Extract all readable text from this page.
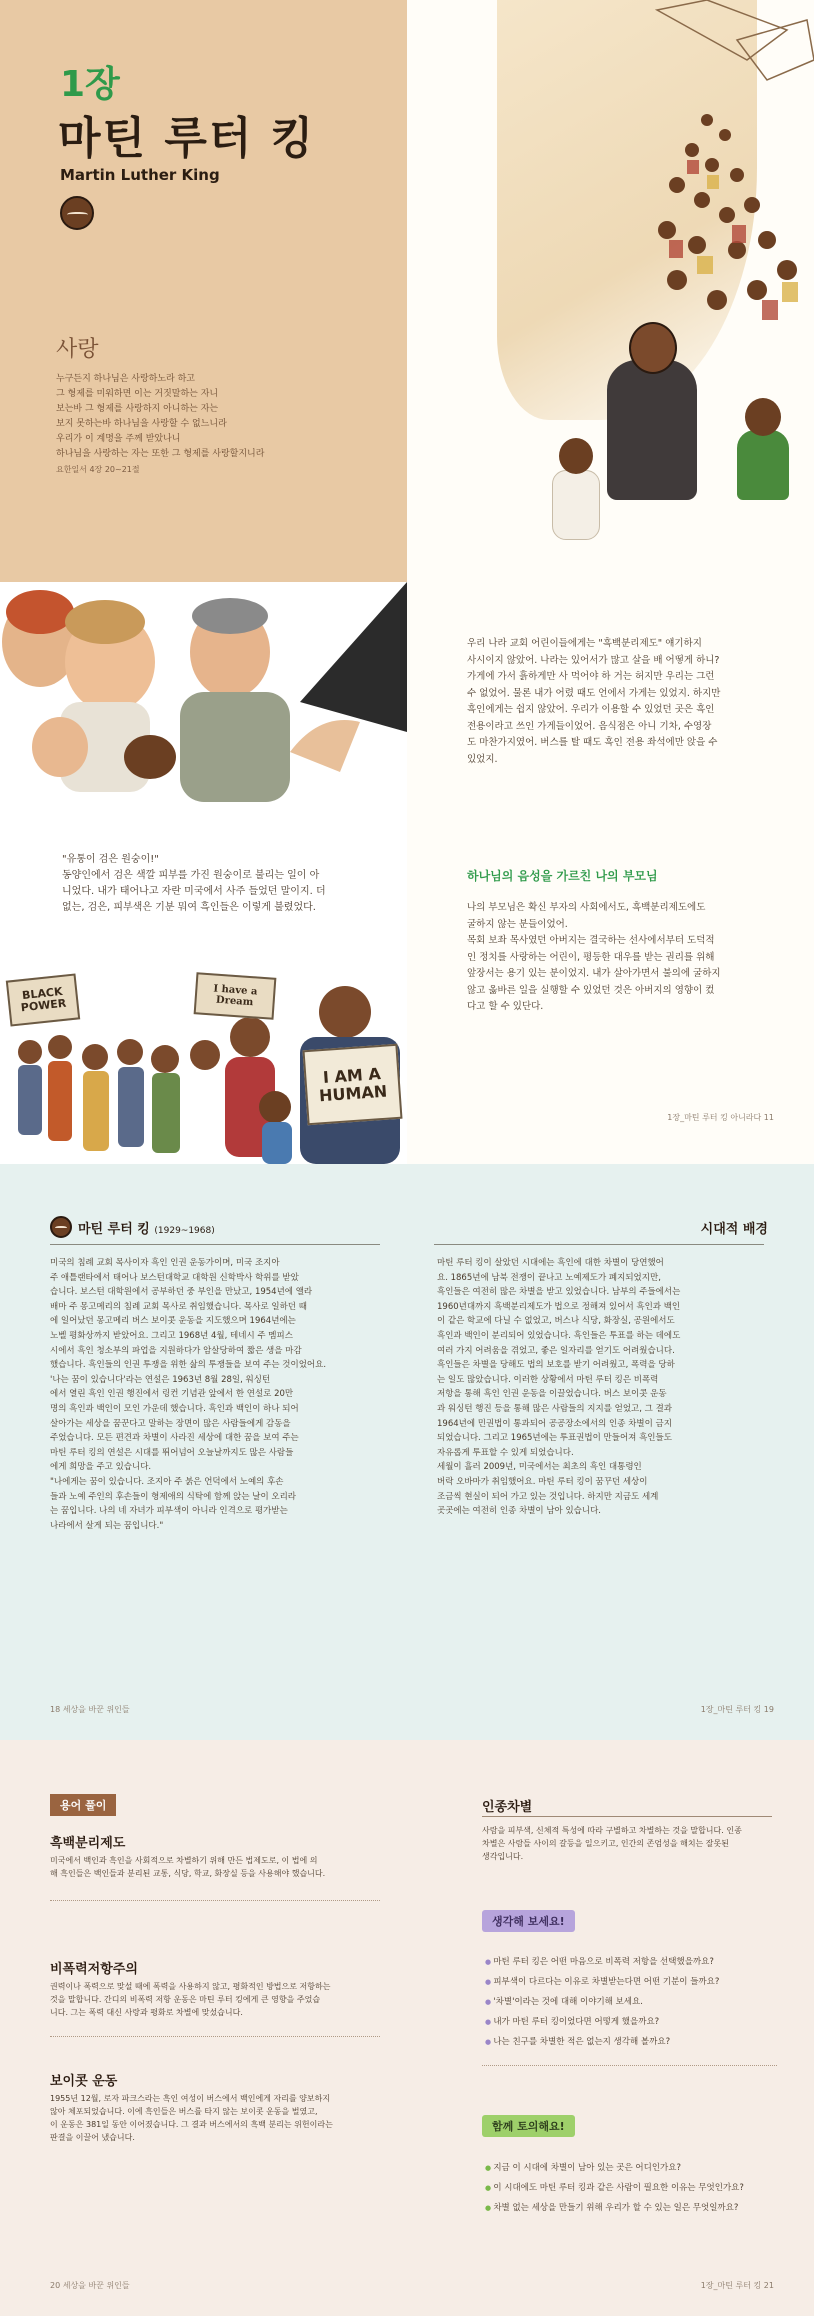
1장
마틴 루터 킹
Martin Luther King
사랑
누구든지 하나님은 사랑하노라 하고
그 형제를 미워하면 이는 거짓말하는 자니
보는바 그 형제를 사랑하지 아니하는 자는
보지 못하는바 하나님을 사랑할 수 없느니라
우리가 이 계명을 주께 받았나니
하나님을 사랑하는 자는 또한 그 형제를 사랑할지니라
요한일서 4장 20~21절
"유통이 검은 원숭이!"
동양인에서 검은 색깔 피부를 가진 원숭이로 불리는 일이 아
니었다. 내가 태어나고 자란 미국에서 사주 들었던 말이지. 더
없는, 검은, 피부색은 기분 뭐여 흑인들은 이렇게 불렸었다.
BLACK POWER
I have a Dream
I AM A HUMAN
우리 나라 교회 어린이들에게는 "흑백분리제도" 얘기하지
사시이지 않았어. 나라는 있어서가 많고 살을 배 어떻게 하니?
가게에 가서 흙하게만 사 먹어야 하 거는 허지만 우리는 그런
수 없었어. 물론 내가 어렸 때도 언에서 가게는 있었지. 하지만
흑인에게는 쉽지 않았어. 우리가 이용할 수 있었던 곳은 흑인
전용이라고 쓰인 가게들이었어. 음식점은 아니 기차, 수영장
도 마찬가지였어. 버스를 탈 때도 흑인 전용 좌석에만 앉을 수
있었지.
하나님의 음성을 가르친 나의 부모님
나의 부모님은 확신 부자의 사회에서도, 흑백분리제도에도
굴하지 않는 분들이었어.
목회 보좌 목사였던 아버지는 결국하는 선사에서부터 도덕적
인 정치를 사랑하는 어린이, 평등한 대우를 받는 권리를 위해
앞장서는 용기 있는 분이었지. 내가 살아가면서 불의에 굴하지
않고 옳바른 일을 실행할 수 있었던 것은 아버지의 영향이 컸
다고 할 수 있단다.
1장_마틴 루터 킹 아니라다 11
마틴 루터 킹 (1929~1968)
미국의 침례 교회 목사이자 흑인 인권 운동가이며, 미국 조지아
주 애틀랜타에서 태어나 보스턴대학교 대학원 신학박사 학위를 받았
습니다. 보스턴 대학원에서 공부하던 중 부인을 만났고, 1954년에 앨라
배마 주 몽고메리의 침례 교회 목사로 취임했습니다. 목사로 일하던 때
에 일어났던 몽고메리 버스 보이콧 운동을 지도했으며 1964년에는
노벨 평화상까지 받았어요. 그리고 1968년 4월, 테네시 주 멤피스
시에서 흑인 청소부의 파업을 지원하다가 암살당하여 짧은 생을 마감
했습니다. 흑인들의 인권 투쟁을 위한 삶의 투쟁들을 보여 주는 것이었어요.
'나는 꿈이 있습니다'라는 연설은 1963년 8월 28일, 워싱턴
에서 열린 흑인 인권 행진에서 링컨 기념관 앞에서 한 연설로 20만
명의 흑인과 백인이 모인 가운데 했습니다. 흑인과 백인이 하나 되어
살아가는 세상을 꿈꾼다고 말하는 장면이 많은 사람들에게 감동을
주었습니다. 모든 편견과 차별이 사라진 세상에 대한 꿈을 보여 주는
마틴 루터 킹의 연설은 시대를 뛰어넘어 오늘날까지도 많은 사람들
에게 희망을 주고 있습니다.
"나에게는 꿈이 있습니다. 조지아 주 붉은 언덕에서 노예의 후손
들과 노예 주인의 후손들이 형제애의 식탁에 함께 앉는 날이 오리라
는 꿈입니다. 나의 네 자녀가 피부색이 아니라 인격으로 평가받는
나라에서 살게 되는 꿈입니다."
18 세상을 바꾼 위인들
시대적 배경
마틴 루터 킹이 살았던 시대에는 흑인에 대한 차별이 당연했어
요. 1865년에 남북 전쟁이 끝나고 노예제도가 폐지되었지만,
흑인들은 여전히 많은 차별을 받고 있었습니다. 남부의 주들에서는
1960년대까지 흑백분리제도가 법으로 정해져 있어서 흑인과 백인
이 같은 학교에 다닐 수 없었고, 버스나 식당, 화장실, 공원에서도
흑인과 백인이 분리되어 있었습니다. 흑인들은 투표를 하는 데에도
여러 가지 어려움을 겪었고, 좋은 일자리를 얻기도 어려웠습니다.
흑인들은 차별을 당해도 법의 보호를 받기 어려웠고, 폭력을 당하
는 일도 많았습니다. 이러한 상황에서 마틴 루터 킹은 비폭력
저항을 통해 흑인 인권 운동을 이끌었습니다. 버스 보이콧 운동
과 워싱턴 행진 등을 통해 많은 사람들의 지지를 얻었고, 그 결과
1964년에 민권법이 통과되어 공공장소에서의 인종 차별이 금지
되었습니다. 그리고 1965년에는 투표권법이 만들어져 흑인들도
자유롭게 투표할 수 있게 되었습니다.
세월이 흘러 2009년, 미국에서는 최초의 흑인 대통령인
버락 오바마가 취임했어요. 마틴 루터 킹이 꿈꾸던 세상이
조금씩 현실이 되어 가고 있는 것입니다. 하지만 지금도 세계
곳곳에는 여전히 인종 차별이 남아 있습니다.
1장_마틴 루터 킹 19
용어 풀이
흑백분리제도
미국에서 백인과 흑인을 사회적으로 차별하기 위해 만든 법제도로, 이 법에 의
해 흑인들은 백인들과 분리된 교통, 식당, 학교, 화장실 등을 사용해야 했습니다.
비폭력저항주의
권력이나 폭력으로 맞설 때에 폭력을 사용하지 않고, 평화적인 방법으로 저항하는
것을 말합니다. 간디의 비폭력 저항 운동은 마틴 루터 킹에게 큰 영향을 주었습
니다. 그는 폭력 대신 사랑과 평화로 차별에 맞섰습니다.
보이콧 운동
1955년 12월, 로자 파크스라는 흑인 여성이 버스에서 백인에게 자리를 양보하지
않아 체포되었습니다. 이에 흑인들은 버스를 타지 않는 보이콧 운동을 벌였고,
이 운동은 381일 동안 이어졌습니다. 그 결과 버스에서의 흑백 분리는 위헌이라는
판결을 이끌어 냈습니다.
20 세상을 바꾼 위인들
인종차별
사람을 피부색, 신체적 특성에 따라 구별하고 차별하는 것을 말합니다. 인종
차별은 사람들 사이의 갈등을 일으키고, 인간의 존엄성을 해치는 잘못된
생각입니다.
생각해 보세요!
● 마틴 루터 킹은 어떤 마음으로 비폭력 저항을 선택했을까요?
● 피부색이 다르다는 이유로 차별받는다면 어떤 기분이 들까요?
● '차별'이라는 것에 대해 이야기해 보세요.
● 내가 마틴 루터 킹이었다면 어떻게 했을까요?
● 나는 친구를 차별한 적은 없는지 생각해 볼까요?
함께 토의해요!
● 지금 이 시대에 차별이 남아 있는 곳은 어디인가요?
● 이 시대에도 마틴 루터 킹과 같은 사람이 필요한 이유는 무엇인가요?
● 차별 없는 세상을 만들기 위해 우리가 할 수 있는 일은 무엇일까요?
1장_마틴 루터 킹 21
